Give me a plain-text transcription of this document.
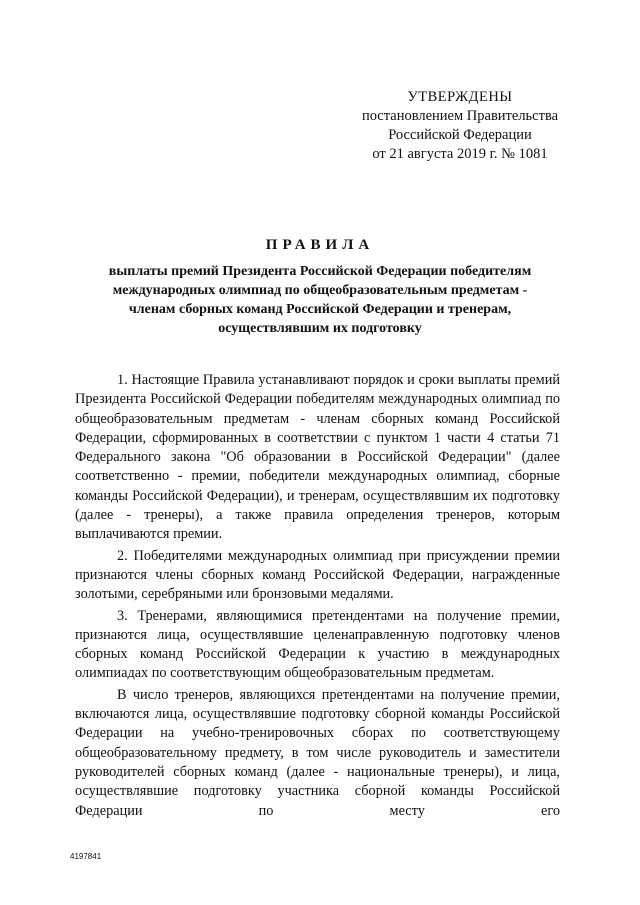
УТВЕРЖДЕНЫ
постановлением Правительства
Российской Федерации
от 21 августа 2019 г. № 1081
ПРАВИЛА
выплаты премий Президента Российской Федерации победителям
международных олимпиад по общеобразовательным предметам -
членам сборных команд Российской Федерации и тренерам,
осуществлявшим их подготовку

1. Настоящие Правила устанавливают порядок и сроки выплаты премий Президента Российской Федерации победителям международных олимпиад по общеобразовательным предметам - членам сборных команд Российской Федерации, сформированных в соответствии с пунктом 1 части 4 статьи 71 Федерального закона "Об образовании в Российской Федерации" (далее соответственно - премии, победители международных олимпиад, сборные команды Российской Федерации), и тренерам, осуществлявшим их подготовку (далее - тренеры), а также правила определения тренеров, которым выплачиваются премии.

2. Победителями международных олимпиад при присуждении премии признаются члены сборных команд Российской Федерации, награжденные золотыми, серебряными или бронзовыми медалями.

3. Тренерами, являющимися претендентами на получение премии, признаются лица, осуществлявшие целенаправленную подготовку членов сборных команд Российской Федерации к участию в международных олимпиадах по соответствующим общеобразовательным предметам.

В число тренеров, являющихся претендентами на получение премии, включаются лица, осуществлявшие подготовку сборной команды Российской Федерации на учебно-тренировочных сборах по соответствующему общеобразовательному предмету, в том числе руководитель и заместители руководителей сборных команд (далее - национальные тренеры), и лица, осуществлявшие подготовку участника сборной команды Российской Федерации по месту его

4197841
